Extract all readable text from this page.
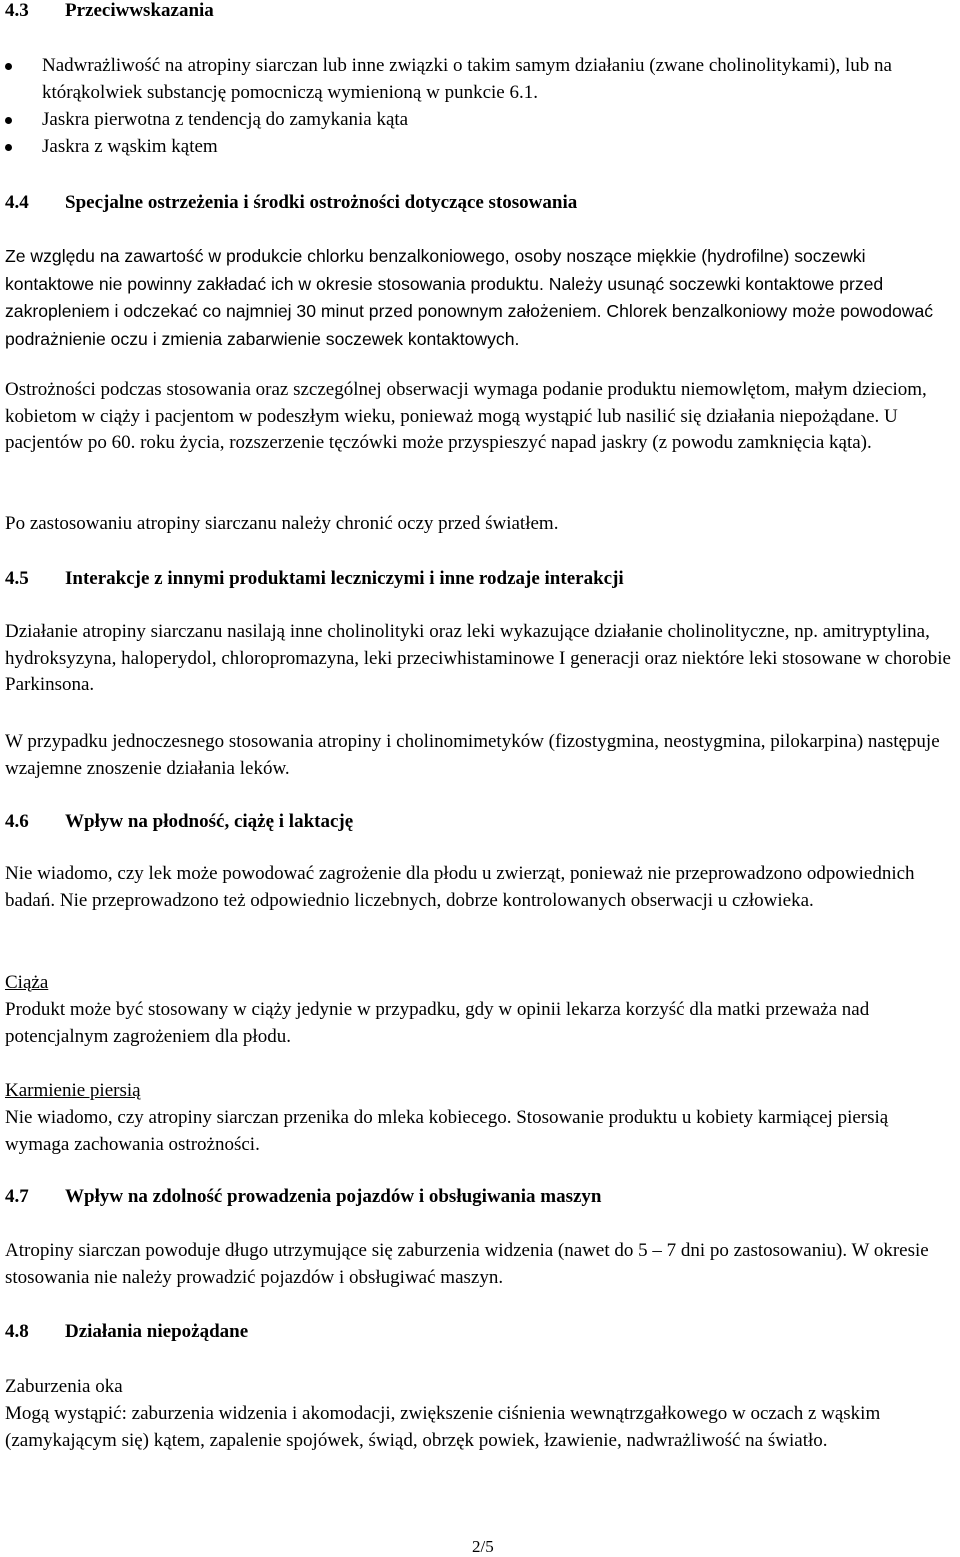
4.3 Przeciwwskazania
Nadwrażliwość na atropiny siarczan lub inne związki o takim samym działaniu (zwane cholinolitykami), lub na którąkolwiek substancję pomocniczą wymienioną w punkcie 6.1.
Jaskra pierwotna z tendencją do zamykania kąta
Jaskra z wąskim kątem
4.4 Specjalne ostrzeżenia i środki ostrożności dotyczące stosowania
Ze względu na zawartość w produkcie chlorku benzalkoniowego, osoby noszące miękkie (hydrofilne) soczewki kontaktowe nie powinny zakładać ich w okresie stosowania produktu. Należy usunąć soczewki kontaktowe przed zakropleniem i odczekać co najmniej 30 minut przed ponownym założeniem. Chlorek benzalkoniowy może powodować podrażnienie oczu i zmienia zabarwienie soczewek kontaktowych.
Ostrożności podczas stosowania oraz szczególnej obserwacji wymaga podanie produktu niemowlętom, małym dzieciom, kobietom w ciąży i pacjentom w podeszłym wieku, ponieważ mogą wystąpić lub nasilić się działania niepożądane. U pacjentów po 60. roku życia, rozszerzenie tęczówki może przyspieszyć napad jaskry (z powodu zamknięcia kąta).
Po zastosowaniu atropiny siarczanu należy chronić oczy przed światłem.
4.5 Interakcje z innymi produktami leczniczymi i inne rodzaje interakcji
Działanie atropiny siarczanu nasilają inne cholinolityki oraz leki wykazujące działanie cholinolityczne, np. amitryptylina, hydroksyzyna, haloperydol, chloropromazyna, leki przeciwhistaminowe I generacji oraz niektóre leki stosowane w chorobie Parkinsona.
W przypadku jednoczesnego stosowania atropiny i cholinomimetyków (fizostygmina, neostygmina, pilokarpina) następuje wzajemne znoszenie działania leków.
4.6 Wpływ na płodność, ciążę i laktację
Nie wiadomo, czy lek może powodować zagrożenie dla płodu u zwierząt, ponieważ nie przeprowadzono odpowiednich badań. Nie przeprowadzono też odpowiednio liczebnych, dobrze kontrolowanych obserwacji u człowieka.
Ciąża
Produkt może być stosowany w ciąży jedynie w przypadku, gdy w opinii lekarza korzyść dla matki przeważa nad potencjalnym zagrożeniem dla płodu.
Karmienie piersią
Nie wiadomo, czy atropiny siarczan przenika do mleka kobiecego. Stosowanie produktu u kobiety karmiącej piersią wymaga zachowania ostrożności.
4.7 Wpływ na zdolność prowadzenia pojazdów i obsługiwania maszyn
Atropiny siarczan powoduje długo utrzymujące się zaburzenia widzenia (nawet do 5 – 7 dni po zastosowaniu). W okresie stosowania nie należy prowadzić pojazdów i obsługiwać maszyn.
4.8 Działania niepożądane
Zaburzenia oka
Mogą wystąpić: zaburzenia widzenia i akomodacji, zwiększenie ciśnienia wewnątrzgałkowego w oczach z wąskim (zamykającym się) kątem, zapalenie spojówek, świąd, obrzęk powiek, łzawienie, nadwrażliwość na światło.
2/5
